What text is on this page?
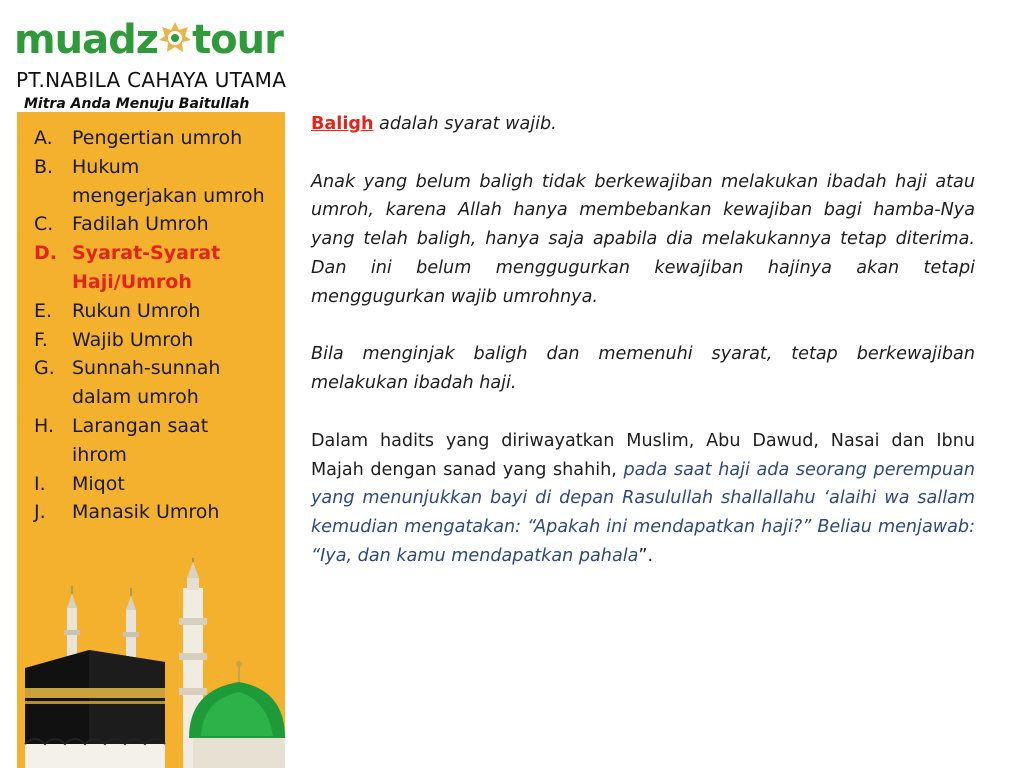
muadz tour
PT.NABILA CAHAYA UTAMA
Mitra Anda Menuju Baitullah
A.	Pengertian umroh
B. Hukum mengerjakan umroh
C. Fadilah Umroh
D. Syarat-Syarat Haji/Umroh
E.	Rukun Umroh
F.	Wajib Umroh
G. Sunnah-sunnah dalam umroh
H. Larangan saat ihrom
I.	Miqot
J.	Manasik Umroh

Baligh adalah syarat wajib.

Anak yang belum baligh tidak berkewajiban melakukan ibadah haji atau umroh, karena Allah hanya membebankan kewajiban bagi hamba-Nya yang telah baligh, hanya saja apabila dia melakukannya tetap diterima. Dan ini belum menggugurkan kewajiban hajinya akan tetapi menggugurkan wajib umrohnya.

Bila menginjak baligh dan memenuhi syarat, tetap berkewajiban melakukan ibadah haji.

Dalam hadits yang diriwayatkan Muslim, Abu Dawud, Nasai dan Ibnu Majah dengan sanad yang shahih, pada saat haji ada seorang perempuan yang menunjukkan bayi di depan Rasulullah shallallahu ‘alaihi wa sallam kemudian mengatakan: “Apakah ini mendapatkan haji?” Beliau menjawab: “Iya, dan kamu mendapatkan pahala”.
